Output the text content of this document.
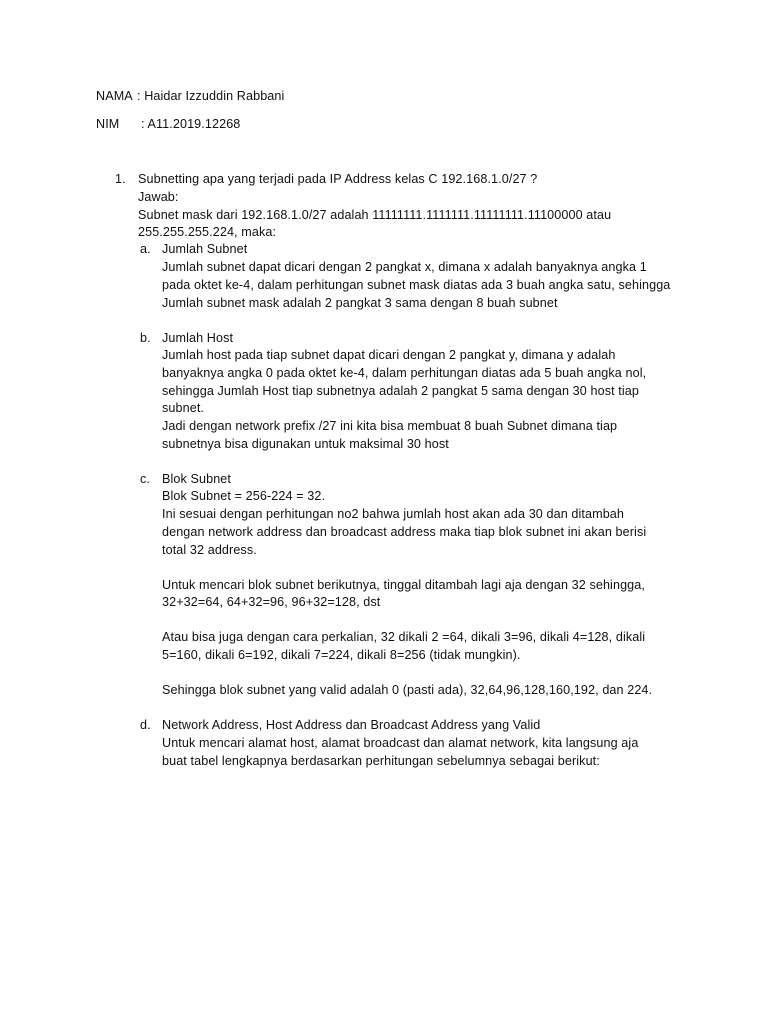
NAMA : Haidar Izzuddin Rabbani
NIM : A11.2019.12268
1. Subnetting apa yang terjadi pada IP Address kelas C 192.168.1.0/27 ?
Jawab:
Subnet mask dari 192.168.1.0/27 adalah 11111111.1111111.11111111.11100000 atau
255.255.255.224, maka:
a. Jumlah Subnet
Jumlah subnet dapat dicari dengan 2 pangkat x, dimana x adalah banyaknya angka 1
pada oktet ke-4, dalam perhitungan subnet mask diatas ada 3 buah angka satu, sehingga
Jumlah subnet mask adalah 2 pangkat 3 sama dengan 8 buah subnet
b. Jumlah Host
Jumlah host pada tiap subnet dapat dicari dengan 2 pangkat y, dimana y adalah
banyaknya angka 0 pada oktet ke-4, dalam perhitungan diatas ada 5 buah angka nol,
sehingga Jumlah Host tiap subnetnya adalah 2 pangkat 5 sama dengan 30 host tiap
subnet.
Jadi dengan network prefix /27 ini kita bisa membuat 8 buah Subnet dimana tiap
subnetnya bisa digunakan untuk maksimal 30 host
c. Blok Subnet
Blok Subnet = 256-224 = 32.
Ini sesuai dengan perhitungan no2 bahwa jumlah host akan ada 30 dan ditambah
dengan network address dan broadcast address maka tiap blok subnet ini akan berisi
total 32 address.
Untuk mencari blok subnet berikutnya, tinggal ditambah lagi aja dengan 32 sehingga,
32+32=64, 64+32=96, 96+32=128, dst
Atau bisa juga dengan cara perkalian, 32 dikali 2 =64, dikali 3=96, dikali 4=128, dikali
5=160, dikali 6=192, dikali 7=224, dikali 8=256 (tidak mungkin).
Sehingga blok subnet yang valid adalah 0 (pasti ada), 32,64,96,128,160,192, dan 224.
d. Network Address, Host Address dan Broadcast Address yang Valid
Untuk mencari alamat host, alamat broadcast dan alamat network, kita langsung aja
buat tabel lengkapnya berdasarkan perhitungan sebelumnya sebagai berikut:
